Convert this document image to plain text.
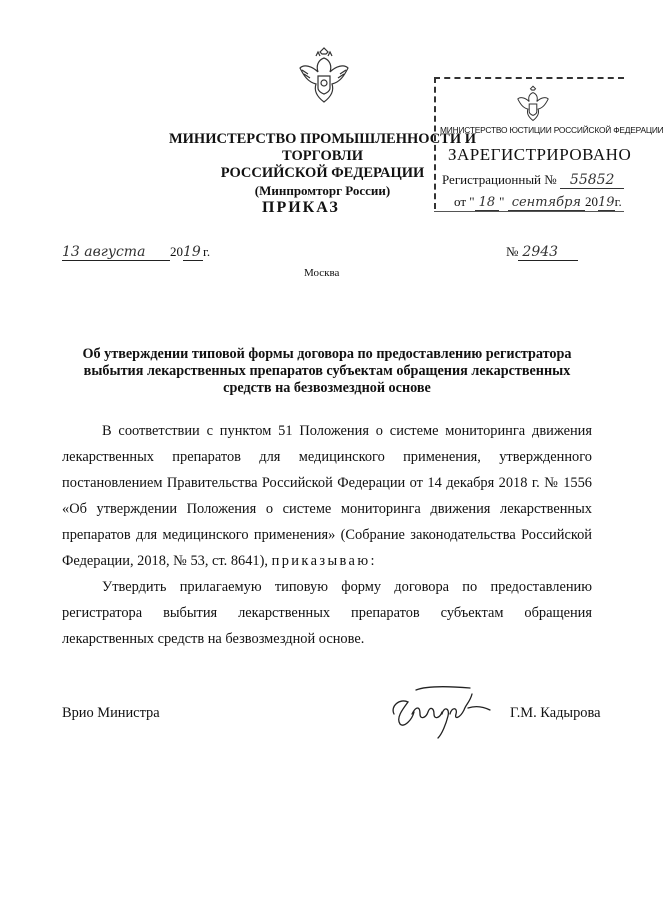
МИНИСТЕРСТВО ПРОМЫШЛЕННОСТИ И ТОРГОВЛИ
РОССИЙСКОЙ ФЕДЕРАЦИИ
(Минпромторг России)
ПРИКАЗ
МИНИСТЕРСТВО ЮСТИЦИИ РОССИЙСКОЙ ФЕДЕРАЦИИ
ЗАРЕГИСТРИРОВАНО
Регистрационный № 55852
от " 18 " сентября 2019г.
13 августа 2019 г.	№ 2943
Москва
Об утверждении типовой формы договора по предоставлению регистратора выбытия лекарственных препаратов субъектам обращения лекарственных средств на безвозмездной основе

В соответствии с пунктом 51 Положения о системе мониторинга движения лекарственных препаратов для медицинского применения, утвержденного постановлением Правительства Российской Федерации от 14 декабря 2018 г. № 1556 «Об утверждении Положения о системе мониторинга движения лекарственных препаратов для медицинского применения» (Собрание законодательства Российской Федерации, 2018, № 53, ст. 8641), приказываю:

Утвердить прилагаемую типовую форму договора по предоставлению регистратора выбытия лекарственных препаратов субъектам обращения лекарственных средств на безвозмездной основе.

Врио Министра	Г.М. Кадырова
